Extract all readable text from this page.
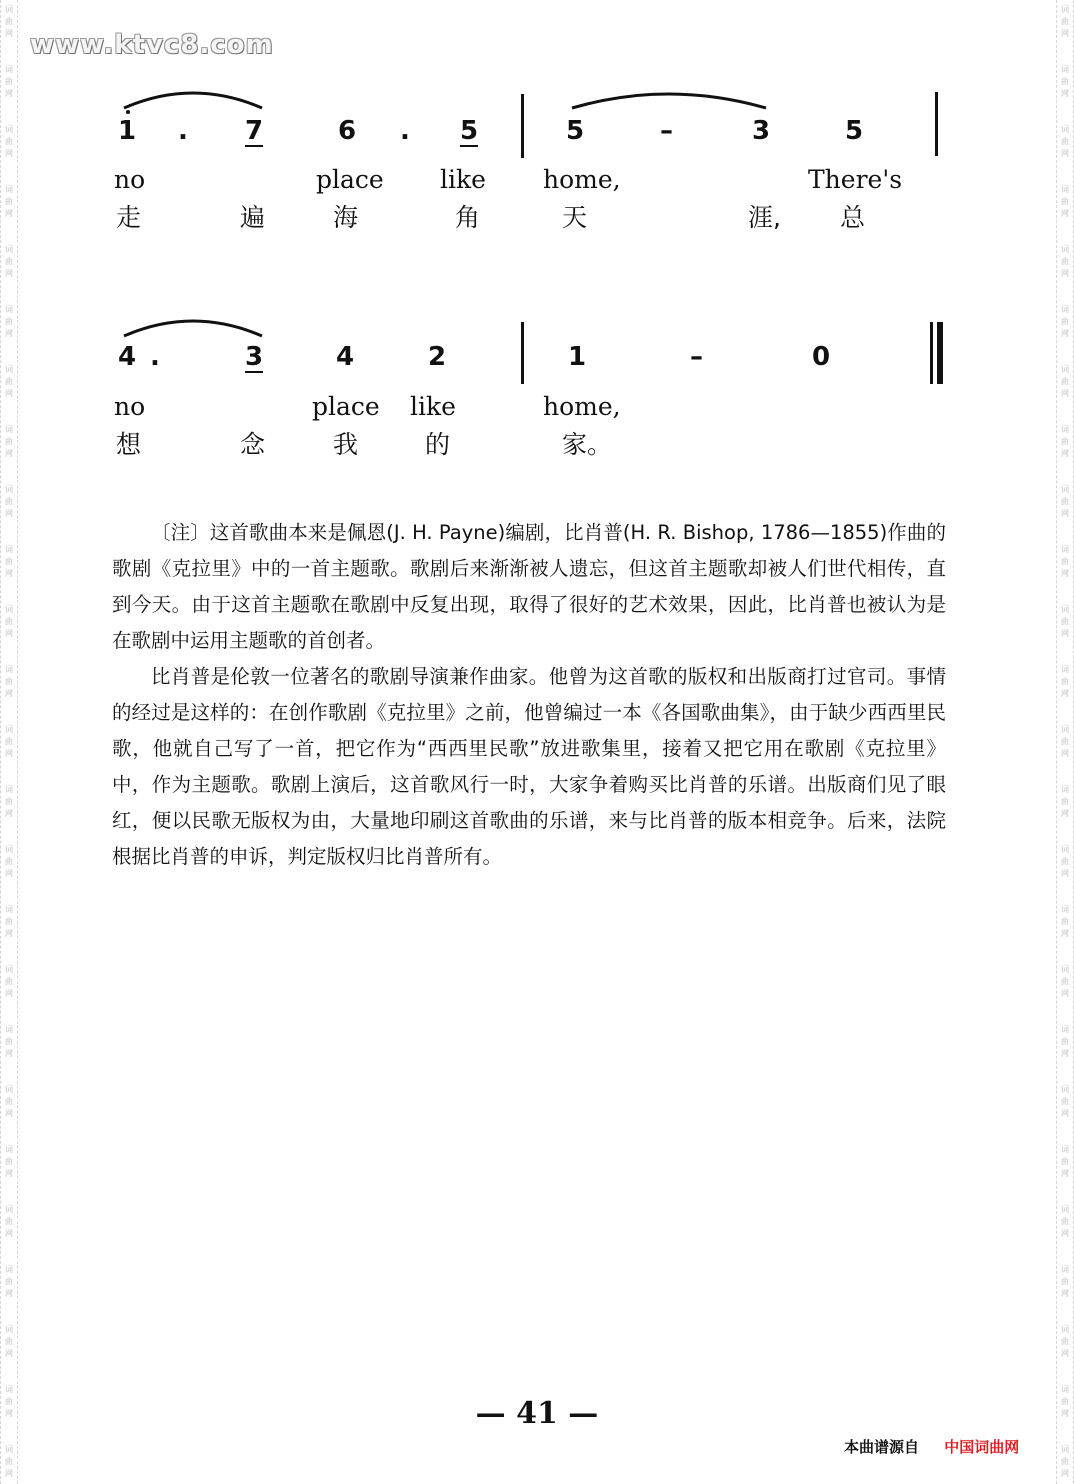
www.ktvc8.com
词
曲
网
词
曲
网
词
曲
网
词
曲
网
词
曲
网
词
曲
网
词
曲
网
词
曲
网
词
曲
网
词
曲
网
词
曲
网
词
曲
网
词
曲
网
词
曲
网
词
曲
网
词
曲
网
词
曲
网
词
曲
网
词
曲
网
词
曲
网
词
曲
网
词
曲
网
词
曲
网
词
曲
网
词
曲
网
词
曲
网
词
曲
网
词
曲
网
词
曲
网
词
曲
网
词
曲
网
词
曲
网
词
曲
网
词
曲
网
词
曲
网
词
曲
网
词
曲
网
词
曲
网
词
曲
网
词
曲
网
词
曲
网
词
曲
网
词
曲
网
词
曲
网
词
曲
网
词
曲
网
词
曲
网
词
曲
网
词
曲
网
词
曲
网
1 . 7	6 . 5	5	–	3	5
no	place like home,	There's
走	遍	海	角	天	涯, 总
4 .	3	4	2	1	–	0
no	place like	home,
想	念	我	的	家。

〔注〕这首歌曲本来是佩恩(J. H. Payne)编剧，比肖普(H. R. Bishop, 1786—1855)作曲的歌剧《克拉里》中的一首主题歌。歌剧后来渐渐被人遗忘，但这首主题歌却被人们世代相传，直到今天。由于这首主题歌在歌剧中反复出现，取得了很好的艺术效果，因此，比肖普也被认为是在歌剧中运用主题歌的首创者。

比肖普是伦敦一位著名的歌剧导演兼作曲家。他曾为这首歌的版权和出版商打过官司。事情的经过是这样的：在创作歌剧《克拉里》之前，他曾编过一本《各国歌曲集》，由于缺少西西里民歌，他就自己写了一首，把它作为“西西里民歌”放进歌集里，接着又把它用在歌剧《克拉里》中，作为主题歌。歌剧上演后，这首歌风行一时，大家争着购买比肖普的乐谱。出版商们见了眼红，便以民歌无版权为由，大量地印刷这首歌曲的乐谱，来与比肖普的版本相竞争。后来，法院根据比肖普的申诉，判定版权归比肖普所有。

— 41 —
本曲谱源自 中国词曲网
